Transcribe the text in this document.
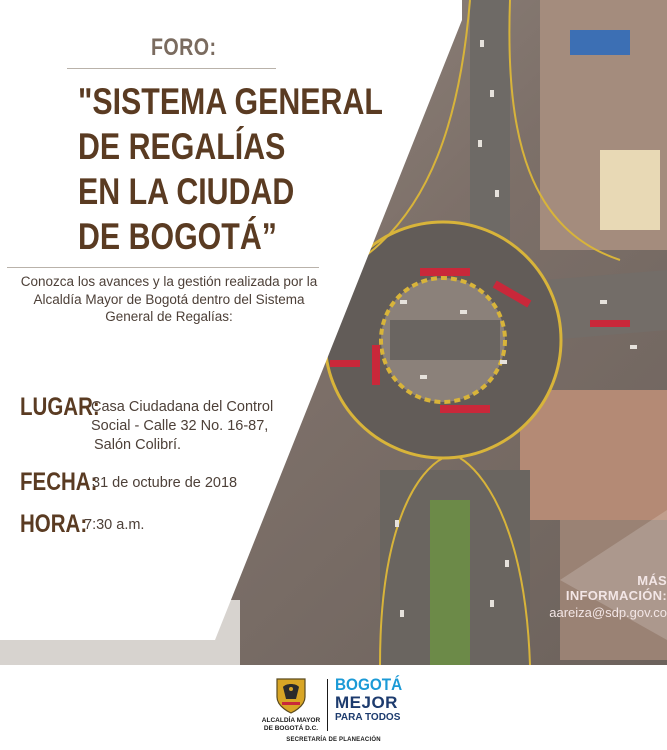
FORO:
"SISTEMA GENERAL
DE REGALÍAS
EN LA CIUDAD
DE BOGOTÁ”
Conozca los avances y la gestión realizada por la
Alcaldía Mayor de Bogotá dentro del Sistema
General de Regalías:
LUGAR:
Casa Ciudadana del Control
Social - Calle 32 No. 16-87,
Salón Colibrí.
FECHA:
31 de octubre de 2018
HORA:
7:30 a.m.
MÁS INFORMACIÓN:
aareiza@sdp.gov.co
ALCALDÍA MAYOR
DE BOGOTÁ D.C.
BOGOTÁ
MEJOR
PARA TODOS
SECRETARÍA DE PLANEACIÓN
